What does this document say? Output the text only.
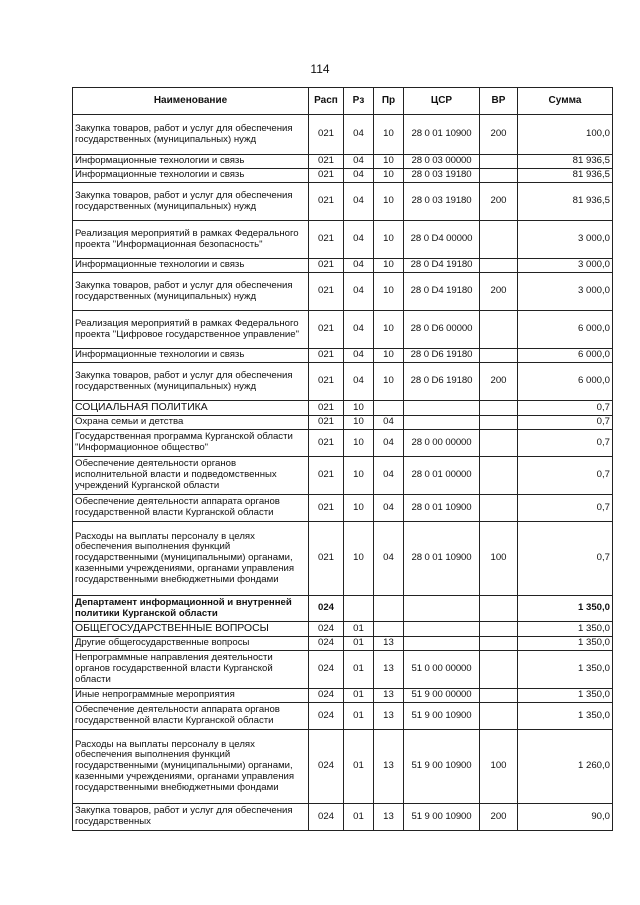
114
Наименование	Расп	Рз	Пр	ЦСР	ВР	Сумма
Закупка товаров, работ и услуг для обеспечения государственных (муниципальных) нужд	021	04	10	28 0 01 10900	200	100,0
Информационные технологии и связь	021	04	10	28 0 03 00000		81 936,5
Информационные технологии и связь	021	04	10	28 0 03 19180		81 936,5
Закупка товаров, работ и услуг для обеспечения государственных (муниципальных) нужд	021	04	10	28 0 03 19180	200	81 936,5
Реализация мероприятий в рамках Федерального проекта "Информационная безопасность"	021	04	10	28 0 D4 00000		3 000,0
Информационные технологии и связь	021	04	10	28 0 D4 19180		3 000,0
Закупка товаров, работ и услуг для обеспечения государственных (муниципальных) нужд	021	04	10	28 0 D4 19180	200	3 000,0
Реализация мероприятий в рамках Федерального проекта "Цифровое государственное управление"	021	04	10	28 0 D6 00000		6 000,0
Информационные технологии и связь	021	04	10	28 0 D6 19180		6 000,0
Закупка товаров, работ и услуг для обеспечения государственных (муниципальных) нужд	021	04	10	28 0 D6 19180	200	6 000,0
СОЦИАЛЬНАЯ ПОЛИТИКА	021	10				0,7
Охрана семьи и детства	021	10	04			0,7
Государственная программа Курганской области "Информационное общество"	021	10	04	28 0 00 00000		0,7
Обеспечение деятельности органов исполнительной власти и подведомственных учреждений Курганской области	021	10	04	28 0 01 00000		0,7
Обеспечение деятельности аппарата органов государственной власти Курганской области	021	10	04	28 0 01 10900		0,7
Расходы на выплаты персоналу в целях обеспечения выполнения функций государственными (муниципальными) органами, казенными учреждениями, органами управления государственными внебюджетными фондами	021	10	04	28 0 01 10900	100	0,7
Департамент информационной и внутренней политики Курганской области	024					1 350,0
ОБЩЕГОСУДАРСТВЕННЫЕ ВОПРОСЫ	024	01				1 350,0
Другие общегосударственные вопросы	024	01	13			1 350,0
Непрограммные направления деятельности органов государственной власти Курганской области	024	01	13	51 0 00 00000		1 350,0
Иные непрограммные мероприятия	024	01	13	51 9 00 00000		1 350,0
Обеспечение деятельности аппарата органов государственной власти Курганской области	024	01	13	51 9 00 10900		1 350,0
Расходы на выплаты персоналу в целях обеспечения выполнения функций государственными (муниципальными) органами, казенными учреждениями, органами управления государственными внебюджетными фондами	024	01	13	51 9 00 10900	100	1 260,0
Закупка товаров, работ и услуг для обеспечения государственных	024	01	13	51 9 00 10900	200	90,0
